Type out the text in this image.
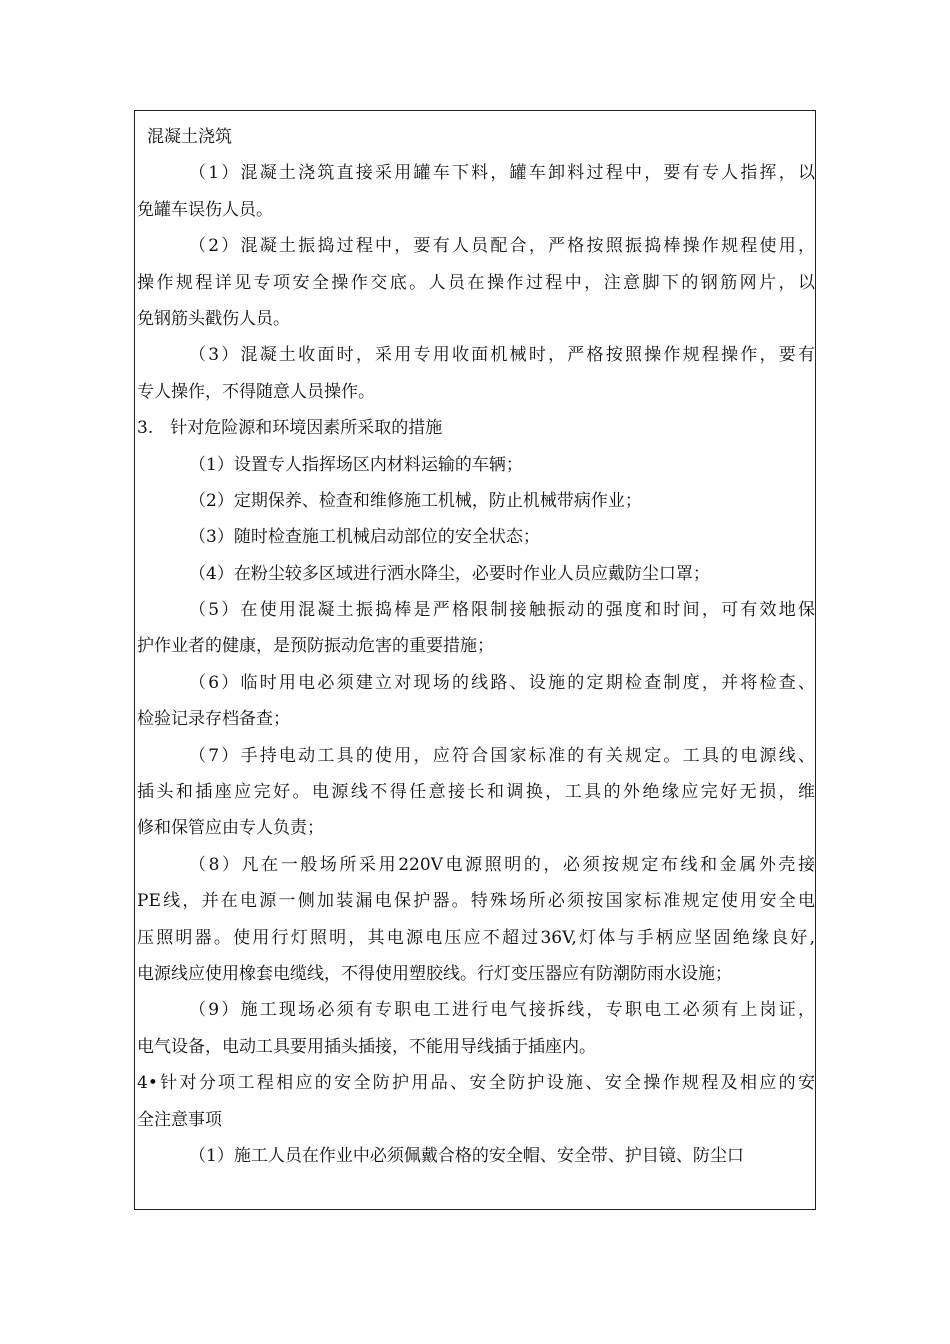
混凝土浇筑
（1）混凝土浇筑直接采用罐车下料，罐车卸料过程中，要有专人指挥，以
免罐车误伤人员。
（2）混凝土振捣过程中，要有人员配合，严格按照振捣棒操作规程使用，
操作规程详见专项安全操作交底。人员在操作过程中，注意脚下的钢筋网片，以
免钢筋头戳伤人员。
（3）混凝土收面时，采用专用收面机械时，严格按照操作规程操作，要有
专人操作，不得随意人员操作。
3.　针对危险源和环境因素所采取的措施
（1）设置专人指挥场区内材料运输的车辆；
（2）定期保养、检查和维修施工机械，防止机械带病作业；
（3）随时检查施工机械启动部位的安全状态；
（4）在粉尘较多区域进行洒水降尘，必要时作业人员应戴防尘口罩；
（5）在使用混凝土振捣棒是严格限制接触振动的强度和时间，可有效地保
护作业者的健康，是预防振动危害的重要措施；
（6）临时用电必须建立对现场的线路、设施的定期检查制度，并将检查、
检验记录存档备查；
（7）手持电动工具的使用，应符合国家标准的有关规定。工具的电源线、
插头和插座应完好。电源线不得任意接长和调换，工具的外绝缘应完好无损，维
修和保管应由专人负责；
（8）凡在一般场所采用220V电源照明的，必须按规定布线和金属外壳接
PE线，并在电源一侧加装漏电保护器。特殊场所必须按国家标准规定使用安全电
压照明器。使用行灯照明，其电源电压应不超过36V,灯体与手柄应坚固绝缘良好,
电源线应使用橡套电缆线，不得使用塑胶线。行灯变压器应有防潮防雨水设施；
（9）施工现场必须有专职电工进行电气接拆线，专职电工必须有上岗证，
电气设备，电动工具要用插头插接，不能用导线插于插座内。
4•针对分项工程相应的安全防护用品、安全防护设施、安全操作规程及相应的安
全注意事项
（1）施工人员在作业中必须佩戴合格的安全帽、安全带、护目镜、防尘口
